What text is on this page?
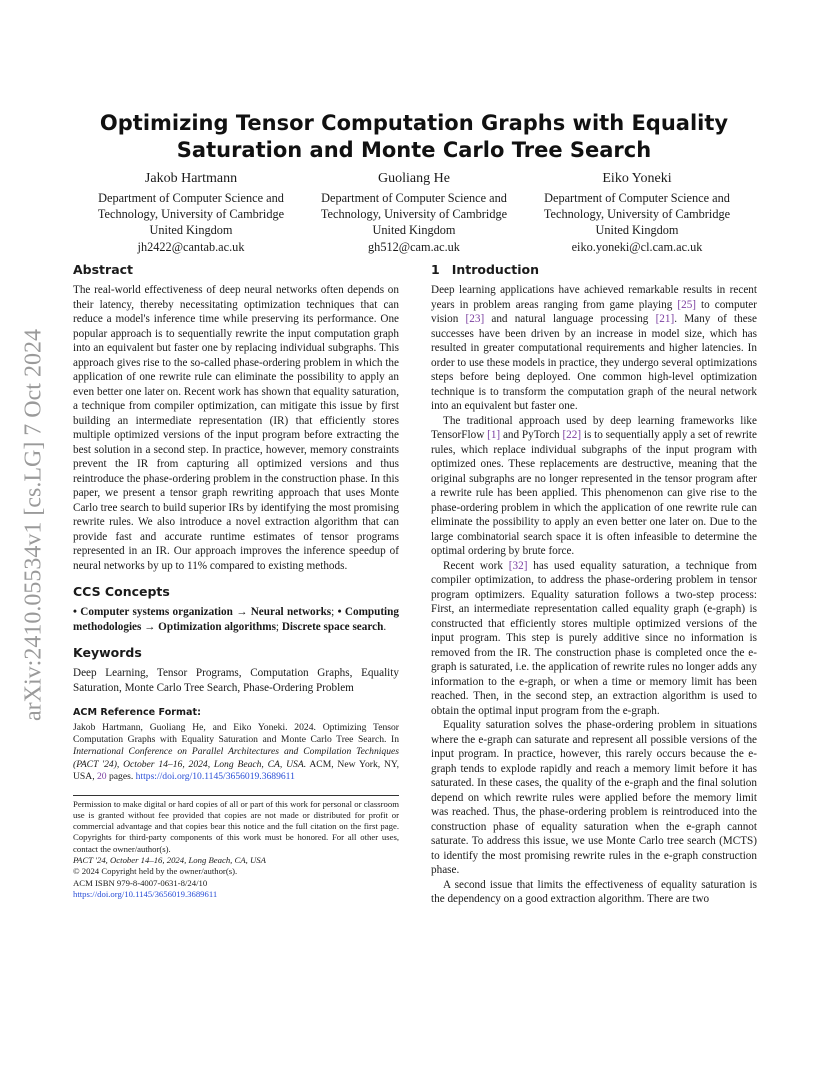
arXiv:2410.05534v1 [cs.LG] 7 Oct 2024
Optimizing Tensor Computation Graphs with Equality Saturation and Monte Carlo Tree Search
Jakob Hartmann
Department of Computer Science and
Technology, University of Cambridge
United Kingdom
jh2422@cantab.ac.uk
Guoliang He
Department of Computer Science and
Technology, University of Cambridge
United Kingdom
gh512@cam.ac.uk
Eiko Yoneki
Department of Computer Science and
Technology, University of Cambridge
United Kingdom
eiko.yoneki@cl.cam.ac.uk
Abstract

The real-world effectiveness of deep neural networks often depends on their latency, thereby necessitating optimization techniques that can reduce a model's inference time while preserving its performance. One popular approach is to sequentially rewrite the input computation graph into an equivalent but faster one by replacing individual subgraphs. This approach gives rise to the so-called phase-ordering problem in which the application of one rewrite rule can eliminate the possibility to apply an even better one later on. Recent work has shown that equality saturation, a technique from compiler optimization, can mitigate this issue by first building an intermediate representation (IR) that efficiently stores multiple optimized versions of the input program before extracting the best solution in a second step. In practice, however, memory constraints prevent the IR from capturing all optimized versions and thus reintroduce the phase-ordering problem in the construction phase. In this paper, we present a tensor graph rewriting approach that uses Monte Carlo tree search to build superior IRs by identifying the most promising rewrite rules. We also introduce a novel extraction algorithm that can provide fast and accurate runtime estimates of tensor programs represented in an IR. Our approach improves the inference speedup of neural networks by up to 11% compared to existing methods.

CCS Concepts

• Computer systems organization → Neural networks; • Computing methodologies → Optimization algorithms; Discrete space search.

Keywords

Deep Learning, Tensor Programs, Computation Graphs, Equality Saturation, Monte Carlo Tree Search, Phase-Ordering Problem

ACM Reference Format:

Jakob Hartmann, Guoliang He, and Eiko Yoneki. 2024. Optimizing Tensor Computation Graphs with Equality Saturation and Monte Carlo Tree Search. In International Conference on Parallel Architectures and Compilation Techniques (PACT '24), October 14–16, 2024, Long Beach, CA, USA. ACM, New York, NY, USA, 20 pages. https://doi.org/10.1145/3656019.3689611

Permission to make digital or hard copies of all or part of this work for personal or classroom use is granted without fee provided that copies are not made or distributed for profit or commercial advantage and that copies bear this notice and the full citation on the first page. Copyrights for third-party components of this work must be honored. For all other uses, contact the owner/author(s).

PACT '24, October 14–16, 2024, Long Beach, CA, USA
© 2024 Copyright held by the owner/author(s).
ACM ISBN 979-8-4007-0631-8/24/10
https://doi.org/10.1145/3656019.3689611
1 Introduction

Deep learning applications have achieved remarkable results in recent years in problem areas ranging from game playing [25] to computer vision [23] and natural language processing [21]. Many of these successes have been driven by an increase in model size, which has resulted in greater computational requirements and higher latencies. In order to use these models in practice, they undergo several optimizations steps before being deployed. One common high-level optimization technique is to transform the computation graph of the neural network into an equivalent but faster one.

The traditional approach used by deep learning frameworks like TensorFlow [1] and PyTorch [22] is to sequentially apply a set of rewrite rules, which replace individual subgraphs of the input program with optimized ones. These replacements are destructive, meaning that the original subgraphs are no longer represented in the tensor program after a rewrite rule has been applied. This phenomenon can give rise to the phase-ordering problem in which the application of one rewrite rule can eliminate the possibility to apply an even better one later on. Due to the large combinatorial search space it is often infeasible to determine the optimal ordering by brute force.

Recent work [32] has used equality saturation, a technique from compiler optimization, to address the phase-ordering problem in tensor program optimizers. Equality saturation follows a two-step process: First, an intermediate representation called equality graph (e-graph) is constructed that efficiently stores multiple optimized versions of the input program. This step is purely additive since no information is removed from the IR. The construction phase is completed once the e-graph is saturated, i.e. the application of rewrite rules no longer adds any information to the e-graph, or when a time or memory limit has been reached. Then, in the second step, an extraction algorithm is used to obtain the optimal input program from the e-graph.

Equality saturation solves the phase-ordering problem in situations where the e-graph can saturate and represent all possible versions of the input program. In practice, however, this rarely occurs because the e-graph tends to explode rapidly and reach a memory limit before it has saturated. In these cases, the quality of the e-graph and the final solution depend on which rewrite rules were applied before the memory limit was reached. Thus, the phase-ordering problem is reintroduced into the construction phase of equality saturation when the e-graph cannot saturate. To address this issue, we use Monte Carlo tree search (MCTS) to identify the most promising rewrite rules in the e-graph construction phase.

A second issue that limits the effectiveness of equality saturation is the dependency on a good extraction algorithm. There are two
